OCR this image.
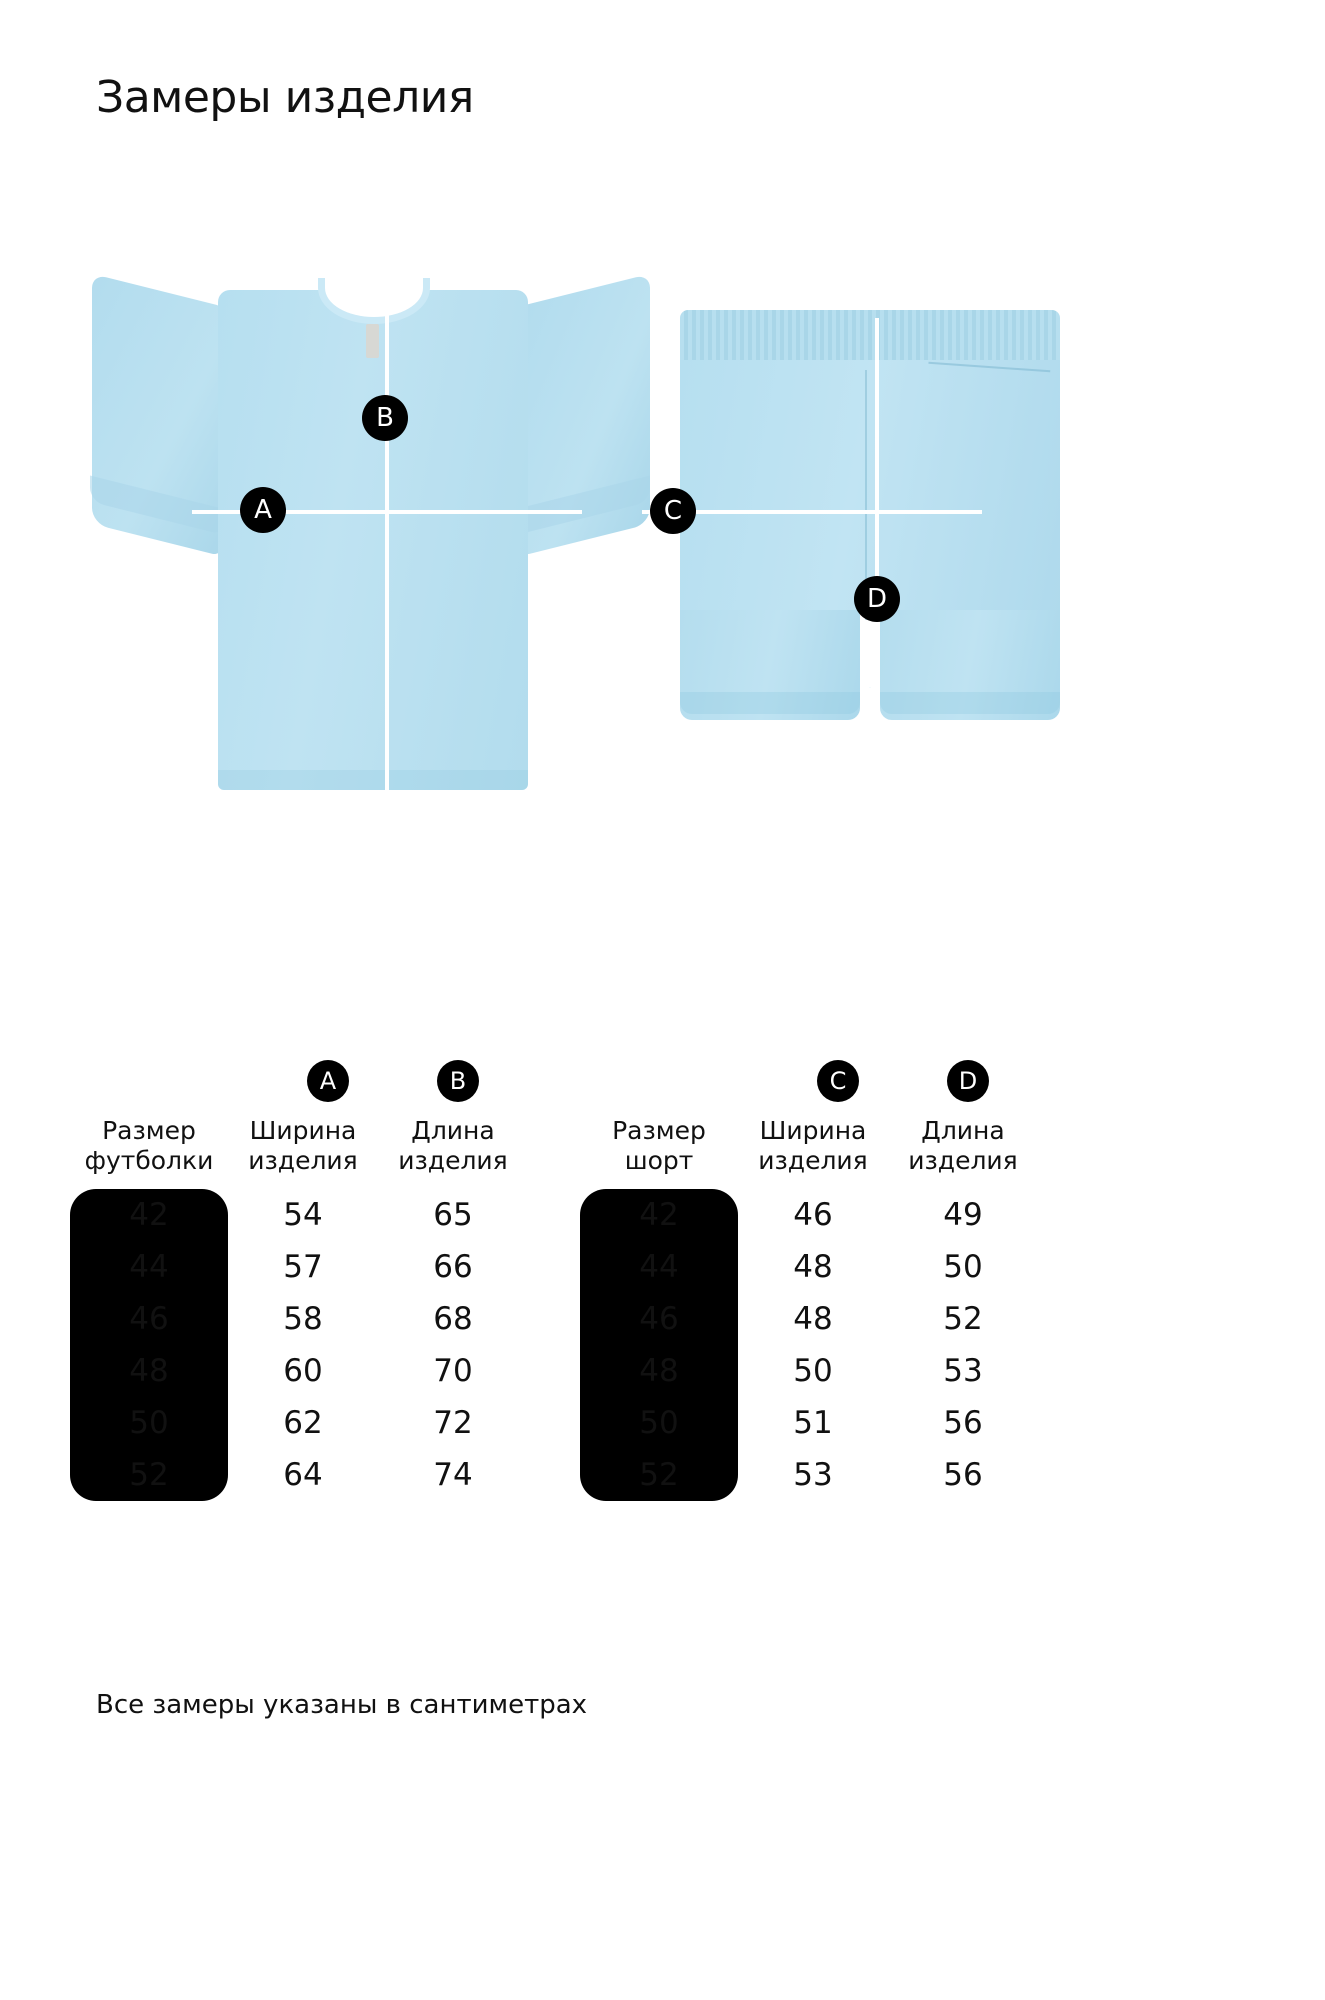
Замеры изделия
B
A	C
D
A	B
Размер футболки	Ширина изделия	Длина изделия
42	54	65
44	57	66
46	58	68
48	60	70
50	62	72
52	64	74
C	D
Размер шорт	Ширина изделия	Длина изделия
42	46	49
44	48	50
46	48	52
48	50	53
50	51	56
52	53	56
Все замеры указаны в сантиметрах
